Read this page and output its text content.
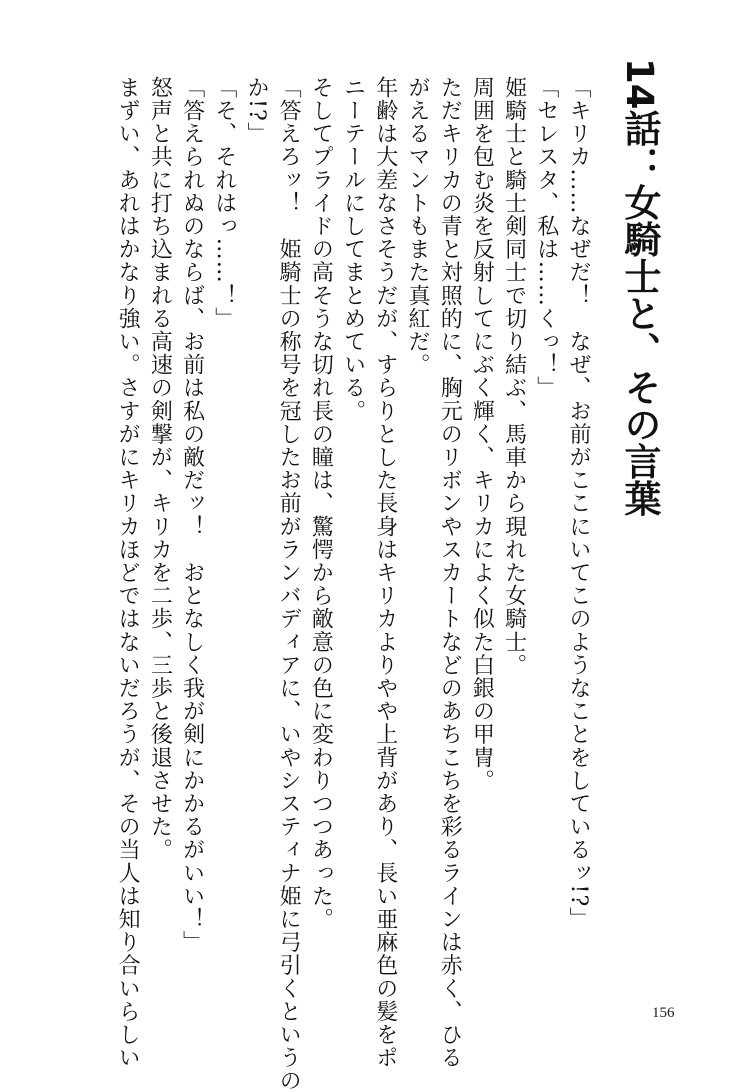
14話：女騎士と、その言葉
「キリカ……なぜだ！　なぜ、お前がここにいてこのようなことをしているッ!?」
「セレスタ、私は……くっ！」
姫騎士と騎士剣同士で切り結ぶ、馬車から現れた女騎士。
周囲を包む炎を反射してにぶく輝く、キリカによく似た白銀の甲冑。
ただキリカの青と対照的に、胸元のリボンやスカートなどのあちこちを彩るラインは赤く、ひる
がえるマントもまた真紅だ。
年齢は大差なさそうだが、すらりとした長身はキリカよりやや上背があり、長い亜麻色の髪をポ
ニーテールにしてまとめている。
そしてプライドの高そうな切れ長の瞳は、驚愕から敵意の色に変わりつつあった。
「答えろッ！　姫騎士の称号を冠したお前がランバディアに、いやシスティナ姫に弓引くというの
か!?」
「そ、それはっ……！」
「答えられぬのならば、お前は私の敵だッ！　おとなしく我が剣にかかるがいい！」
怒声と共に打ち込まれる高速の剣撃が、キリカを二歩、三歩と後退させた。
まずい、あれはかなり強い。さすがにキリカほどではないだろうが、その当人は知り合いらしい	156
